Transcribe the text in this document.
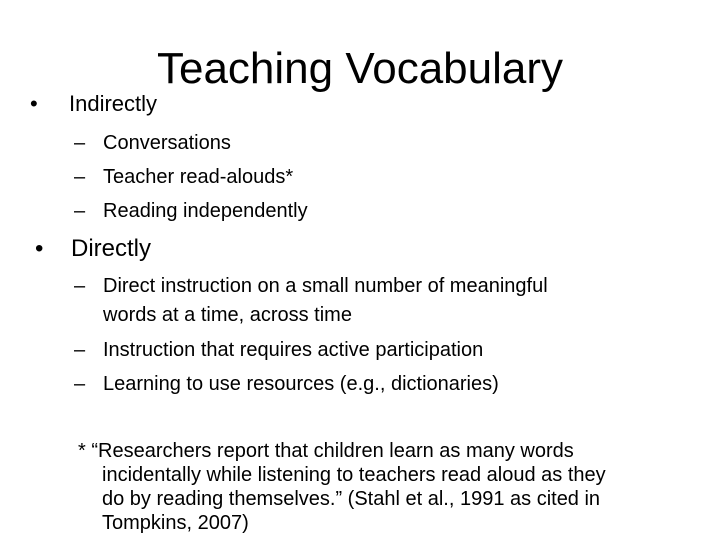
Teaching Vocabulary
• Indirectly
– Conversations
– Teacher read-alouds*
– Reading independently
• Directly
– Direct instruction on a small number of meaningful
words at a time, across time
– Instruction that requires active participation
– Learning to use resources (e.g., dictionaries)
* “Researchers report that children learn as many words
incidentally while listening to teachers read aloud as they
do by reading themselves.” (Stahl et al., 1991 as cited in
Tompkins, 2007)
